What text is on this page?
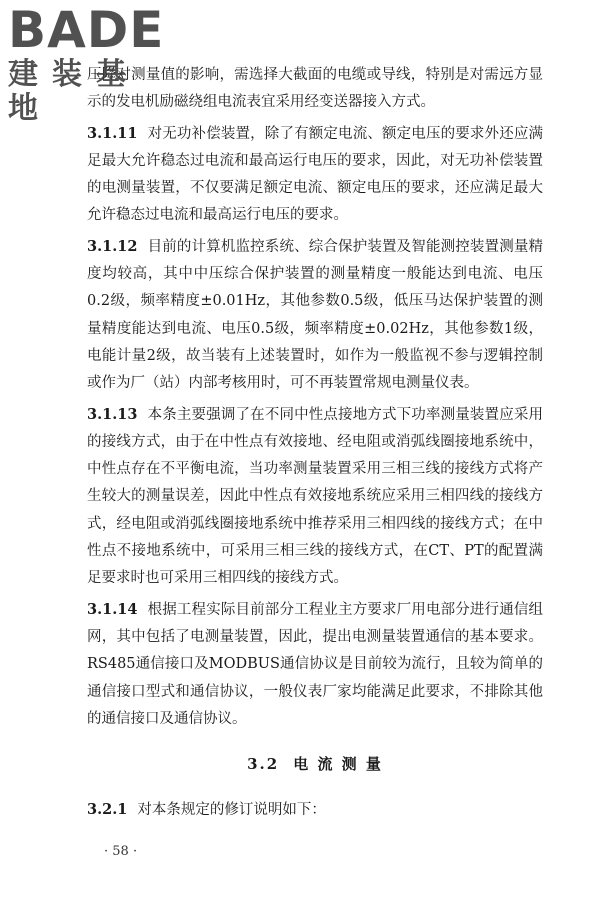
BADE
建装基地

压降对测量值的影响，需选择大截面的电缆或导线，特别是对需远方显示的发电机励磁绕组电流表宜采用经变送器接入方式。

3.1.11 对无功补偿装置，除了有额定电流、额定电压的要求外还应满足最大允许稳态过电流和最高运行电压的要求，因此，对无功补偿装置的电测量装置，不仅要满足额定电流、额定电压的要求，还应满足最大允许稳态过电流和最高运行电压的要求。

3.1.12 目前的计算机监控系统、综合保护装置及智能测控装置测量精度均较高，其中中压综合保护装置的测量精度一般能达到电流、电压0.2级，频率精度±0.01Hz，其他参数0.5级，低压马达保护装置的测量精度能达到电流、电压0.5级，频率精度±0.02Hz，其他参数1级，电能计量2级，故当装有上述装置时，如作为一般监视不参与逻辑控制或作为厂（站）内部考核用时，可不再装置常规电测量仪表。

3.1.13 本条主要强调了在不同中性点接地方式下功率测量装置应采用的接线方式，由于在中性点有效接地、经电阻或消弧线圈接地系统中，中性点存在不平衡电流，当功率测量装置采用三相三线的接线方式将产生较大的测量误差，因此中性点有效接地系统应采用三相四线的接线方式，经电阻或消弧线圈接地系统中推荐采用三相四线的接线方式；在中性点不接地系统中，可采用三相三线的接线方式，在CT、PT的配置满足要求时也可采用三相四线的接线方式。

3.1.14 根据工程实际目前部分工程业主方要求厂用电部分进行通信组网，其中包括了电测量装置，因此，提出电测量装置通信的基本要求。RS485通信接口及MODBUS通信协议是目前较为流行，且较为简单的通信接口型式和通信协议，一般仪表厂家均能满足此要求，不排除其他的通信接口及通信协议。

3.2 电 流 测 量

3.2.1 对本条规定的修订说明如下：

· 58 ·
